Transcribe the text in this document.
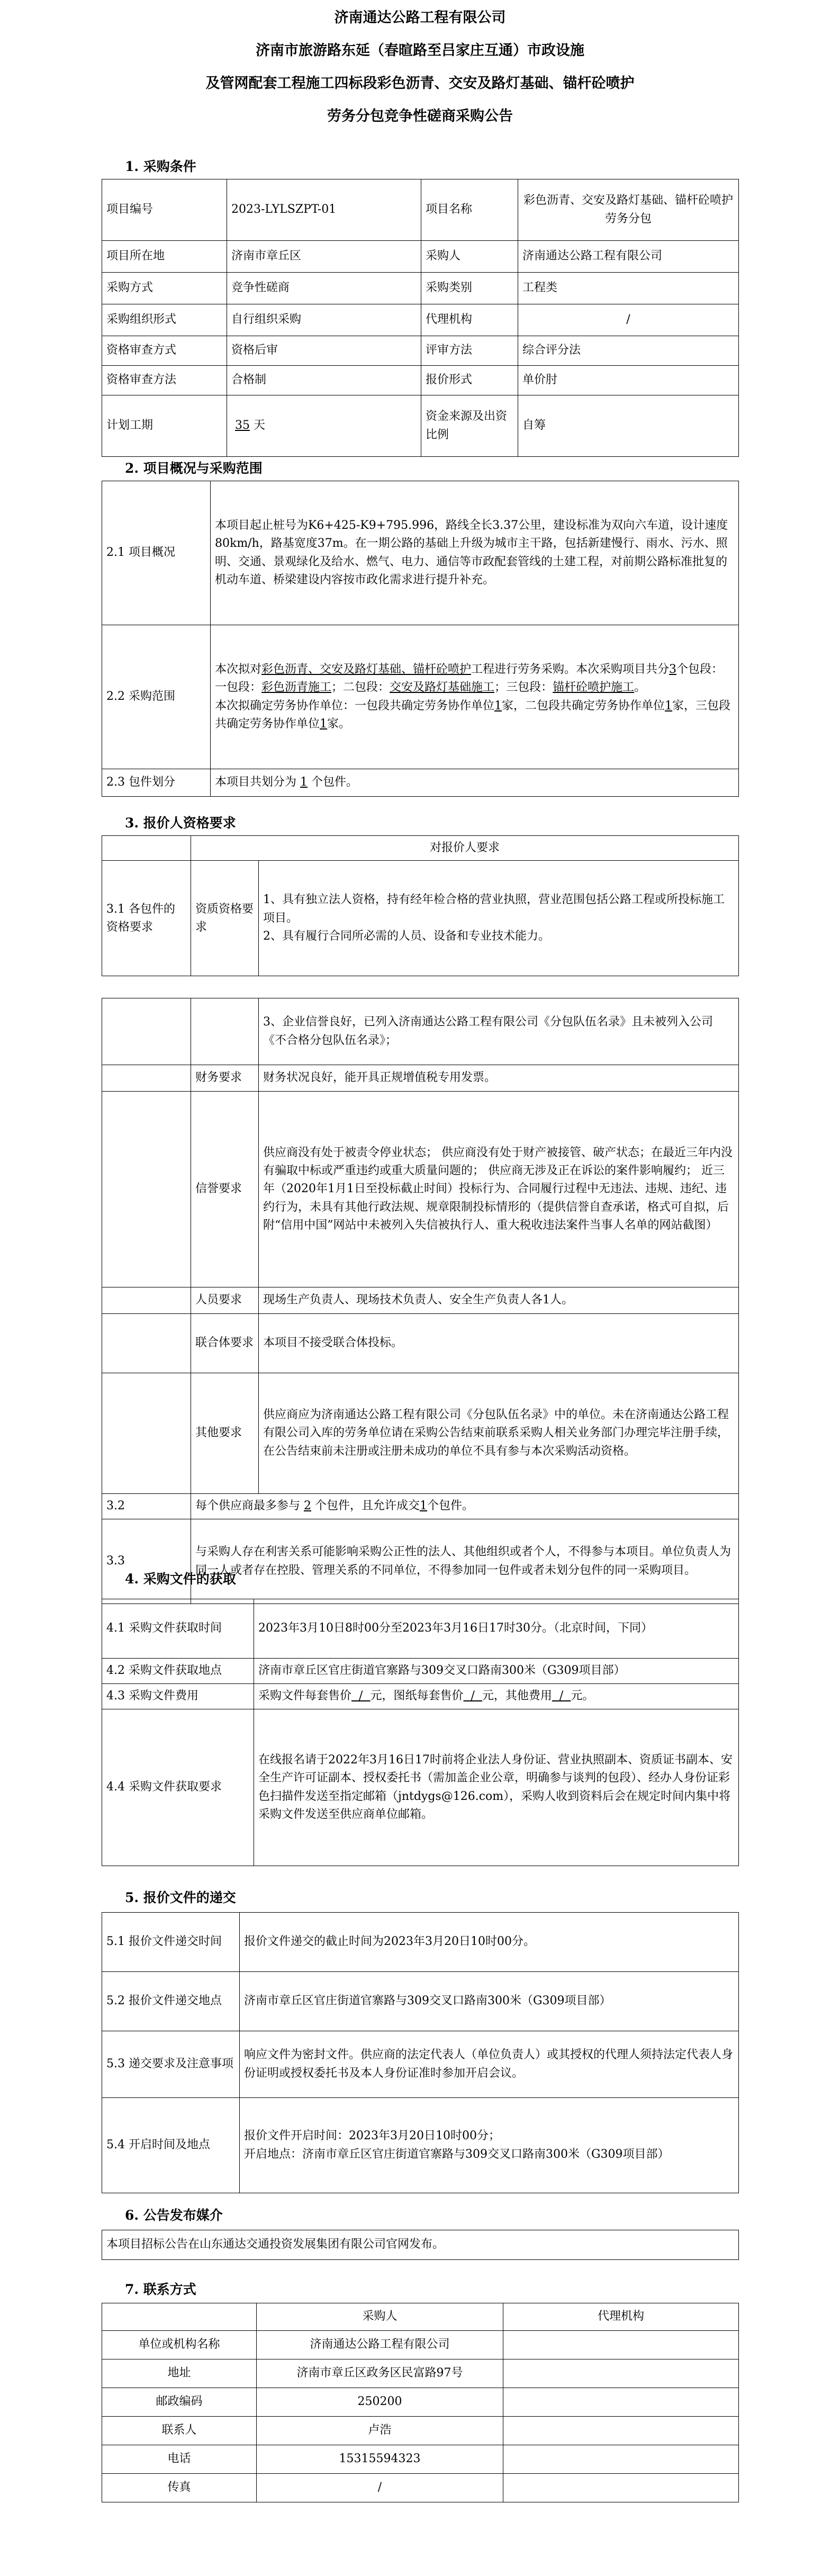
济南通达公路工程有限公司
济南市旅游路东延（春暄路至吕家庄互通）市政设施
及管网配套工程施工四标段彩色沥青、交安及路灯基础、锚杆砼喷护
劳务分包竞争性磋商采购公告
1. 采购条件
项目编号	2023-LYLSZPT-01	项目名称	彩色沥青、交安及路灯基础、锚杆砼喷护劳务分包
项目所在地	济南市章丘区	采购人	济南通达公路工程有限公司
采购方式	竞争性磋商	采购类别	工程类
采购组织形式	自行组织采购	代理机构	/
资格审查方式	资格后审	评审方法	综合评分法
资格审查方法	合格制	报价形式	单价肘
计划工期	35 天	资金来源及出资比例	自筹
2. 项目概况与采购范围
2.1 项目概况	本项目起止桩号为K6+425-K9+795.996，路线全长3.37公里，建设标准为双向六车道，设计速度80km/h，路基宽度37m。在一期公路的基础上升级为城市主干路，包括新建慢行、雨水、污水、照明、交通、景观绿化及给水、燃气、电力、通信等市政配套管线的土建工程，对前期公路标准批复的机动车道、桥梁建设内容按市政化需求进行提升补充。
2.2 采购范围	本次拟对彩色沥青、交安及路灯基础、锚杆砼喷护工程进行劳务采购。本次采购项目共分3个包段：一包段：彩色沥青施工；二包段：交安及路灯基础施工；三包段：锚杆砼喷护施工。

本次拟确定劳务协作单位：一包段共确定劳务协作单位1家，二包段共确定劳务协作单位1家，三包段共确定劳务协作单位1家。

2.3 包件划分	本项目共划分为 1 个包件。
3. 报价人资格要求
	对报价人要求	
3.1 各包件的资格要求	资质资格要求	1、具有独立法人资格，持有经年检合格的营业执照，营业范围包括公路工程或所投标施工项目。

2、具有履行合同所必需的人员、设备和专业技术能力。

		3、企业信誉良好，已列入济南通达公路工程有限公司《分包队伍名录》且未被列入公司《不合格分包队伍名录》；
	财务要求	财务状况良好，能开具正规增值税专用发票。
	信誉要求	供应商没有处于被责令停业状态； 供应商没有处于财产被接管、破产状态；在最近三年内没有骗取中标或严重违约或重大质量问题的； 供应商无涉及正在诉讼的案件影响履约； 近三年（2020年1月1日至投标截止时间）投标行为、合同履行过程中无违法、违规、违纪、违约行为，未具有其他行政法规、规章限制投标情形的（提供信誉自查承诺，格式可自拟，后附“信用中国”网站中未被列入失信被执行人、重大税收违法案件当事人名单的网站截图）
	人员要求	现场生产负责人、现场技术负责人、安全生产负责人各1人。
	联合体要求	本项目不接受联合体投标。
	其他要求	供应商应为济南通达公路工程有限公司《分包队伍名录》中的单位。未在济南通达公路工程有限公司入库的劳务单位请在采购公告结束前联系采购人相关业务部门办理完毕注册手续，在公告结束前未注册或注册未成功的单位不具有参与本次采购活动资格。
3.2	每个供应商最多参与 2 个包件，且允许成交1个包件。	
3.3	与采购人存在利害关系可能影响采购公正性的法人、其他组织或者个人，不得参与本项目。单位负责人为同一人或者存在控股、管理关系的不同单位，不得参加同一包件或者未划分包件的同一采购项目。	
4. 采购文件的获取
4.1 采购文件获取时间	2023年3月10日8时00分至2023年3月16日17时30分。（北京时间，下同）
4.2 采购文件获取地点	济南市章丘区官庄街道官寨路与309交叉口路南300米（G309项目部）
4.3 采购文件费用	采购文件每套售价 / 元，图纸每套售价 / 元，其他费用 / 元。
4.4 采购文件获取要求	在线报名请于2022年3月16日17时前将企业法人身份证、营业执照副本、资质证书副本、安全生产许可证副本、授权委托书（需加盖企业公章，明确参与谈判的包段）、经办人身份证彩色扫描件发送至指定邮箱（jntdygs@126.com），采购人收到资料后会在规定时间内集中将采购文件发送至供应商单位邮箱。
5. 报价文件的递交
5.1 报价文件递交时间	报价文件递交的截止时间为2023年3月20日10时00分。
5.2 报价文件递交地点	济南市章丘区官庄街道官寨路与309交叉口路南300米（G309项目部）
5.3 递交要求及注意事项	响应文件为密封文件。供应商的法定代表人（单位负责人）或其授权的代理人须持法定代表人身份证明或授权委托书及本人身份证准时参加开启会议。
5.4 开启时间及地点	报价文件开启时间：2023年3月20日10时00分；

开启地点：济南市章丘区官庄街道官寨路与309交叉口路南300米（G309项目部）

6. 公告发布媒介
本项目招标公告在山东通达交通投资发展集团有限公司官网发布。
7. 联系方式
	采购人	代理机构
单位或机构名称	济南通达公路工程有限公司	
地址	济南市章丘区政务区民富路97号	
邮政编码	250200	
联系人	卢浩	
电话	15315594323	
传真	/	
